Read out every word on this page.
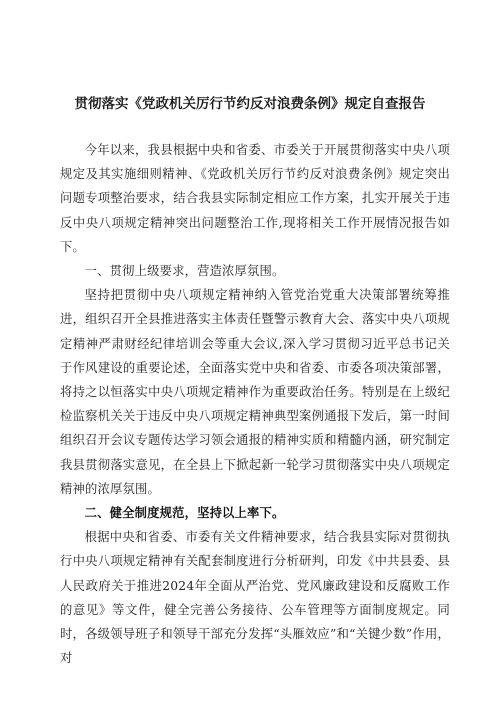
贯彻落实《党政机关厉行节约反对浪费条例》规定自查报告

今年以来，我县根据中央和省委、市委关于开展贯彻落实中央八项规定及其实施细则精神、《党政机关厉行节约反对浪费条例》规定突出问题专项整治要求，结合我县实际制定相应工作方案，扎实开展关于违反中央八项规定精神突出问题整治工作,现将相关工作开展情况报告如下。

一、贯彻上级要求，营造浓厚氛围。

坚持把贯彻中央八项规定精神纳入管党治党重大决策部署统筹推进，组织召开全县推进落实主体责任暨警示教育大会、落实中央八项规定精神严肃财经纪律培训会等重大会议,深入学习贯彻习近平总书记关于作风建设的重要论述，全面落实党中央和省委、市委各项决策部署，将持之以恒落实中央八项规定精神作为重要政治任务。特别是在上级纪检监察机关关于违反中央八项规定精神典型案例通报下发后，第一时间组织召开会议专题传达学习领会通报的精神实质和精髓内涵，研究制定我县贯彻落实意见，在全县上下掀起新一轮学习贯彻落实中央八项规定精神的浓厚氛围。

二、健全制度规范，坚持以上率下。

根据中央和省委、市委有关文件精神要求，结合我县实际对贯彻执行中央八项规定精神有关配套制度进行分析研判，印发《中共县委、县人民政府关于推进2024年全面从严治党、党风廉政建设和反腐败工作的意见》等文件，健全完善公务接待、公车管理等方面制度规定。同时，各级领导班子和领导干部充分发挥“头雁效应”和“关键少数”作用，对
